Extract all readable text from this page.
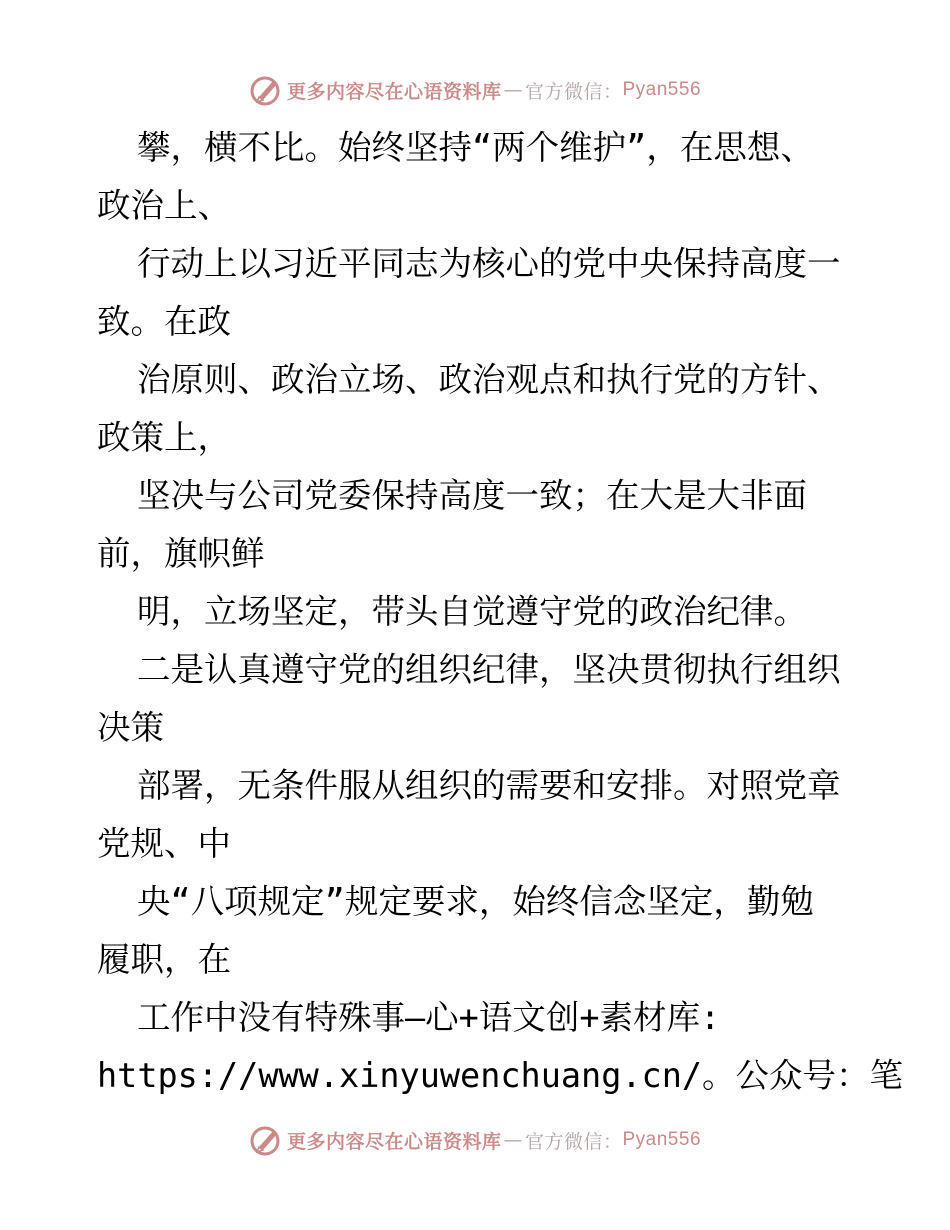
更多内容尽在心语资料库 — 官方微信： Pyan556
攀，横不比。始终坚持“两个维护”，在思想、
政治上、
行动上以习近平同志为核心的党中央保持高度一
致。在政
治原则、政治立场、政治观点和执行党的方针、
政策上，
坚决与公司党委保持高度一致；在大是大非面
前，旗帜鲜
明，立场坚定，带头自觉遵守党的政治纪律。
二是认真遵守党的组织纪律，坚决贯彻执行组织
决策
部署，无条件服从组织的需要和安排。对照党章
党规、中
央“八项规定”规定要求，始终信念坚定，勤勉
履职，在
工作中没有特殊事—心+语文创+素材库:
https://www.xinyuwenchuang.cn/。公众号：笔
更多内容尽在心语资料库 — 官方微信： Pyan556
